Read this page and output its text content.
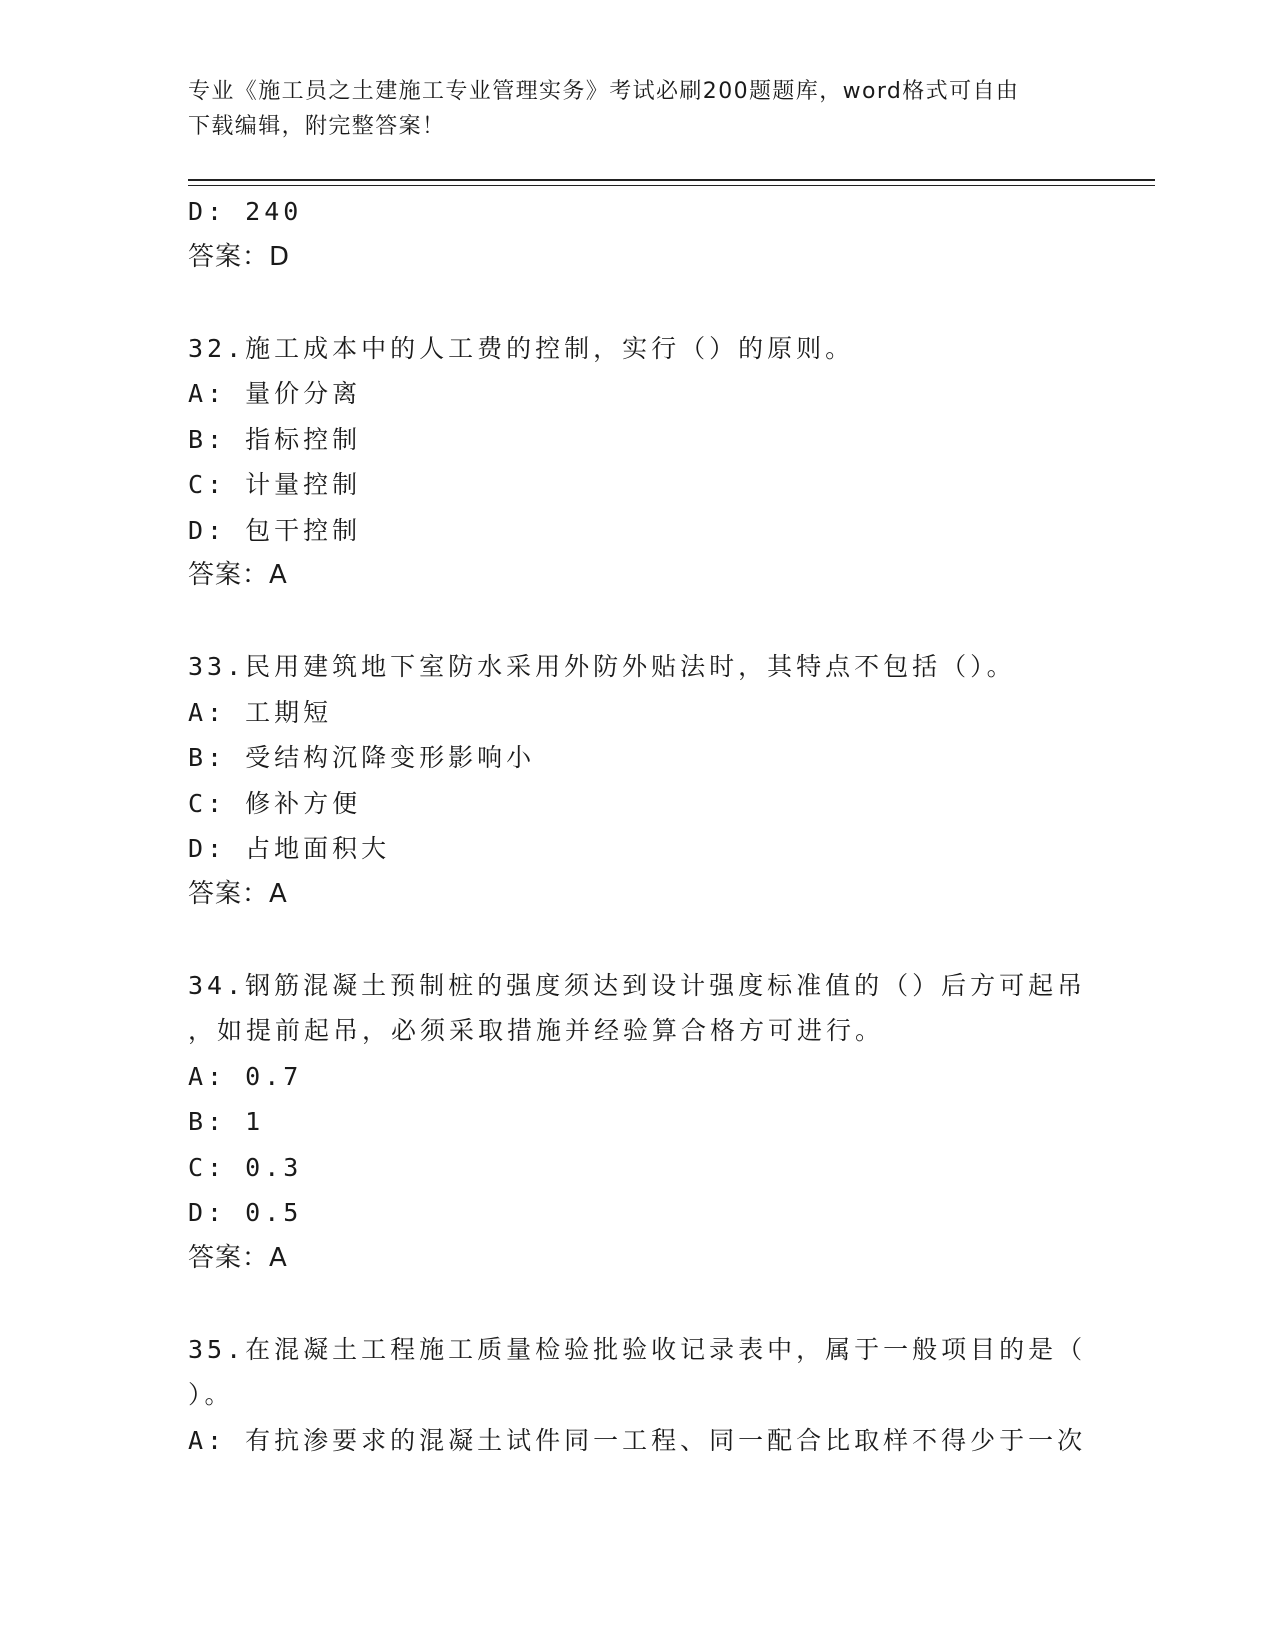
专业《施工员之土建施工专业管理实务》考试必刷200题题库，word格式可自由
下载编辑，附完整答案！
D: 240
答案：D
32.施工成本中的人工费的控制，实行（）的原则。
A: 量价分离
B: 指标控制
C: 计量控制
D: 包干控制
答案：A
33.民用建筑地下室防水采用外防外贴法时，其特点不包括（）。
A: 工期短
B: 受结构沉降变形影响小
C: 修补方便
D: 占地面积大
答案：A
34.钢筋混凝土预制桩的强度须达到设计强度标准值的（）后方可起吊
，如提前起吊，必须采取措施并经验算合格方可进行。
A: 0.7
B: 1
C: 0.3
D: 0.5
答案：A
35.在混凝土工程施工质量检验批验收记录表中，属于一般项目的是（
）。
A: 有抗渗要求的混凝土试件同一工程、同一配合比取样不得少于一次
